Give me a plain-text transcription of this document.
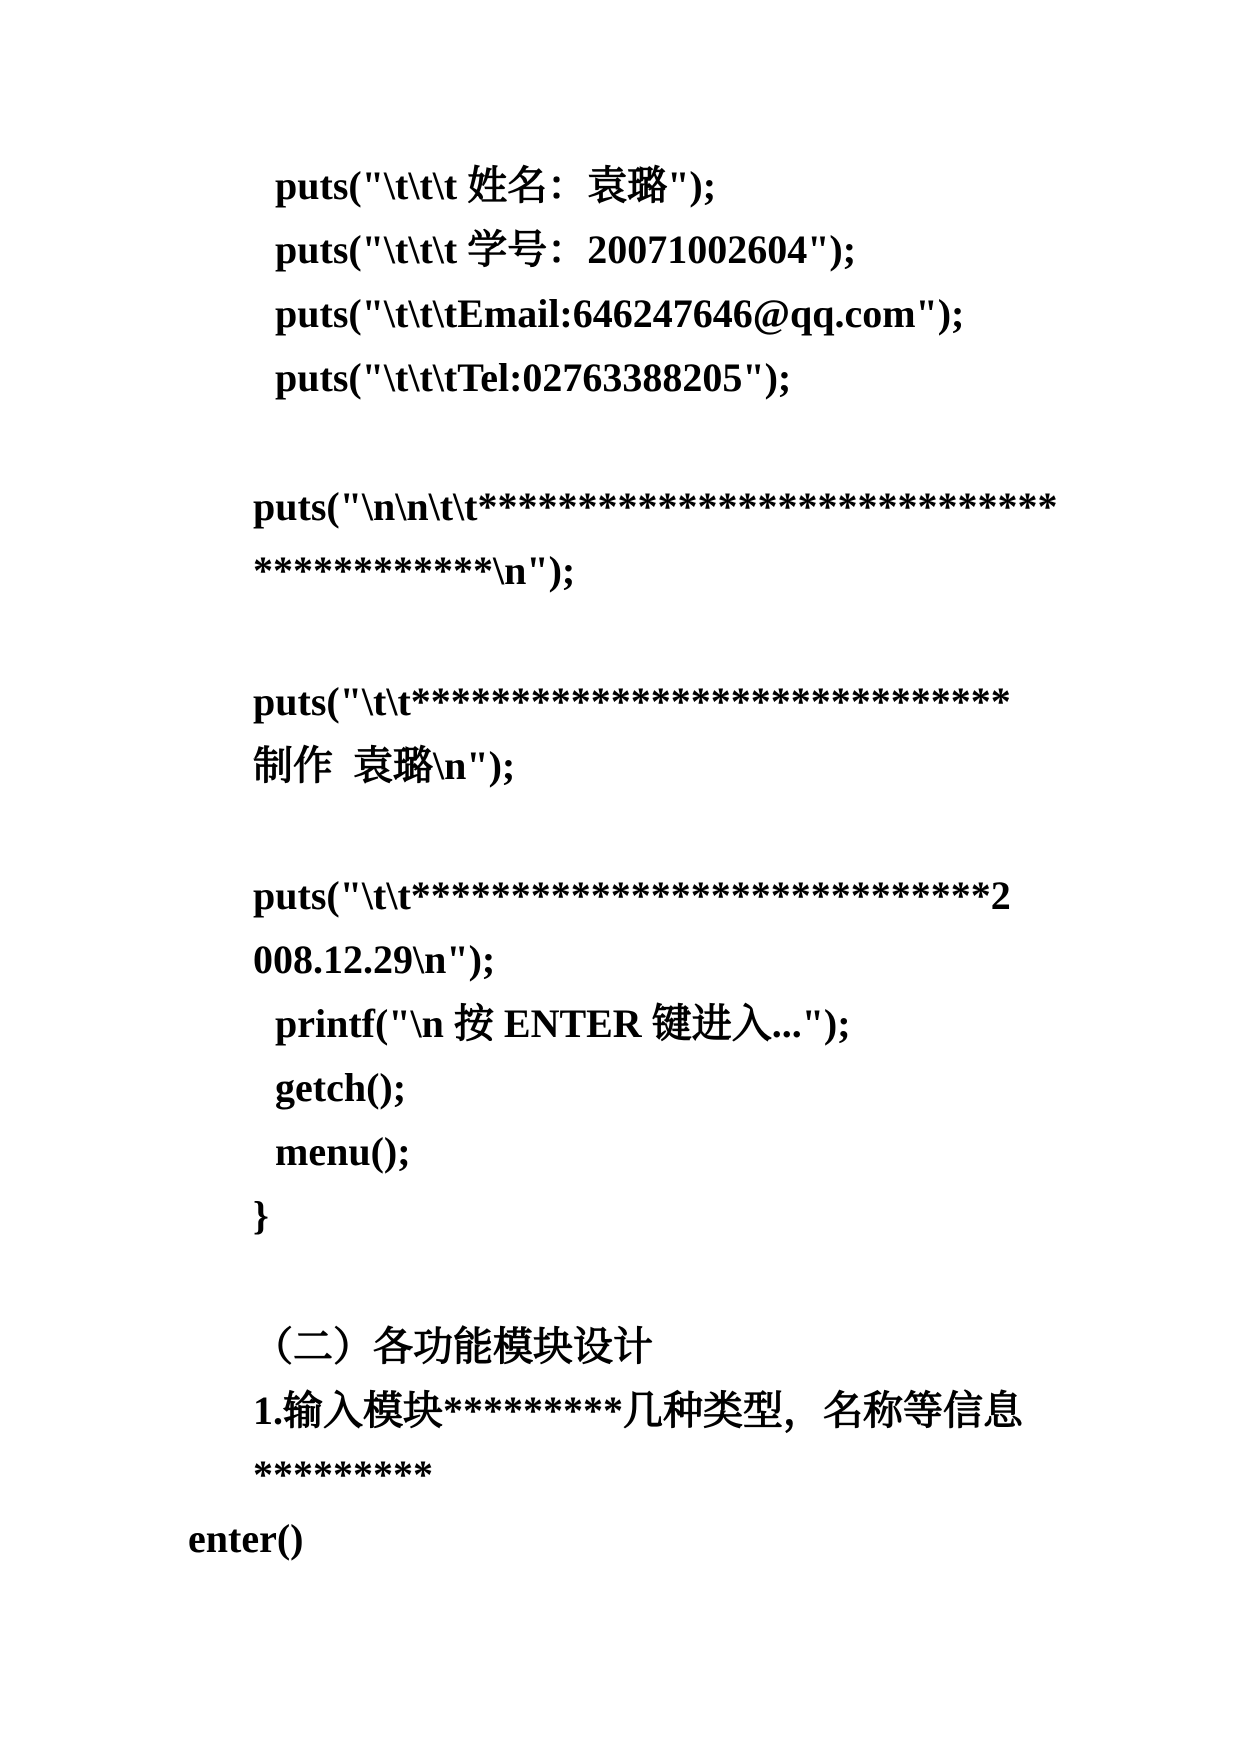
puts("\t\t\t 姓名：袁璐");
puts("\t\t\t 学号：20071002604");
puts("\t\t\tEmail:646247646@qq.com");
puts("\t\t\tTel:02763388205");
puts("\n\n\t\t*****************************
************\n");
puts("\t\t******************************
制作  袁璐\n");
puts("\t\t*****************************2
008.12.29\n");
printf("\n 按 ENTER 键进入...");
getch();
menu();
}
（二）各功能模块设计
1.输入模块*********几种类型，名称等信息
*********
enter()
